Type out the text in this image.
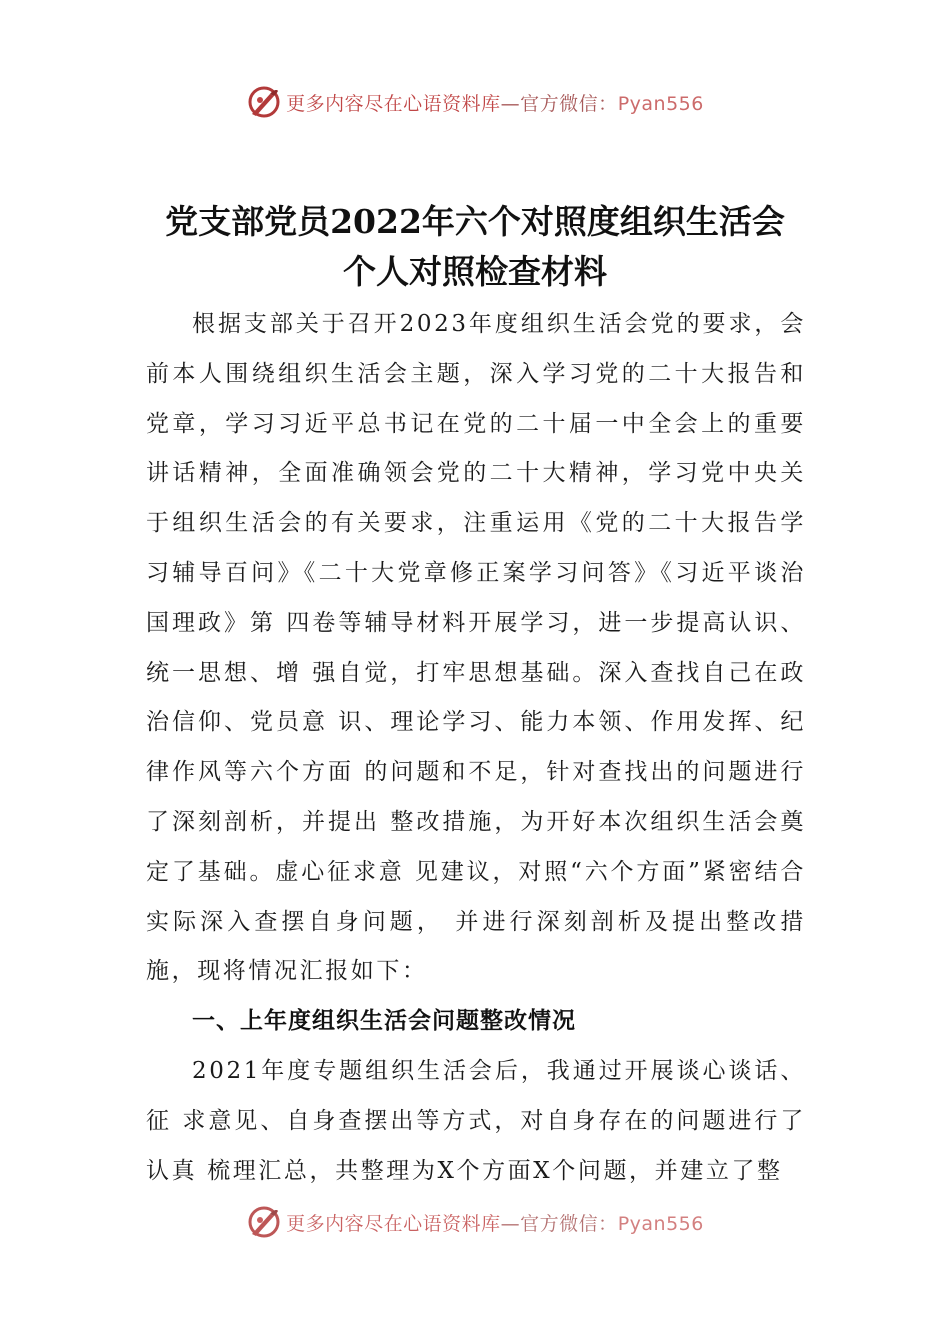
更多内容尽在心语资料库—官方微信：Pyan556
党支部党员2022年六个对照度组织生活会
个人对照检查材料

根据支部关于召开2023年度组织生活会党的要求，会前本人围绕组织生活会主题，深入学习党的二十大报告和党章，学习习近平总书记在党的二十届一中全会上的重要讲话精神，全面准确领会党的二十大精神，学习党中央关于组织生活会的有关要求，注重运用《党的二十大报告学习辅导百问》《二十大党章修正案学习问答》《习近平谈治国理政》第 四卷等辅导材料开展学习，进一步提高认识、统一思想、增 强自觉，打牢思想基础。深入查找自己在政治信仰、党员意 识、理论学习、能力本领、作用发挥、纪律作风等六个方面 的问题和不足，针对查找出的问题进行了深刻剖析，并提出 整改措施，为开好本次组织生活会奠定了基础。虚心征求意 见建议，对照“六个方面”紧密结合实际深入查摆自身问题， 并进行深刻剖析及提出整改措施，现将情况汇报如下：

一、上年度组织生活会问题整改情况

2021年度专题组织生活会后，我通过开展谈心谈话、征 求意见、自身查摆出等方式，对自身存在的问题进行了认真 梳理汇总，共整理为X个方面X个问题，并建立了整

更多内容尽在心语资料库—官方微信：Pyan556
